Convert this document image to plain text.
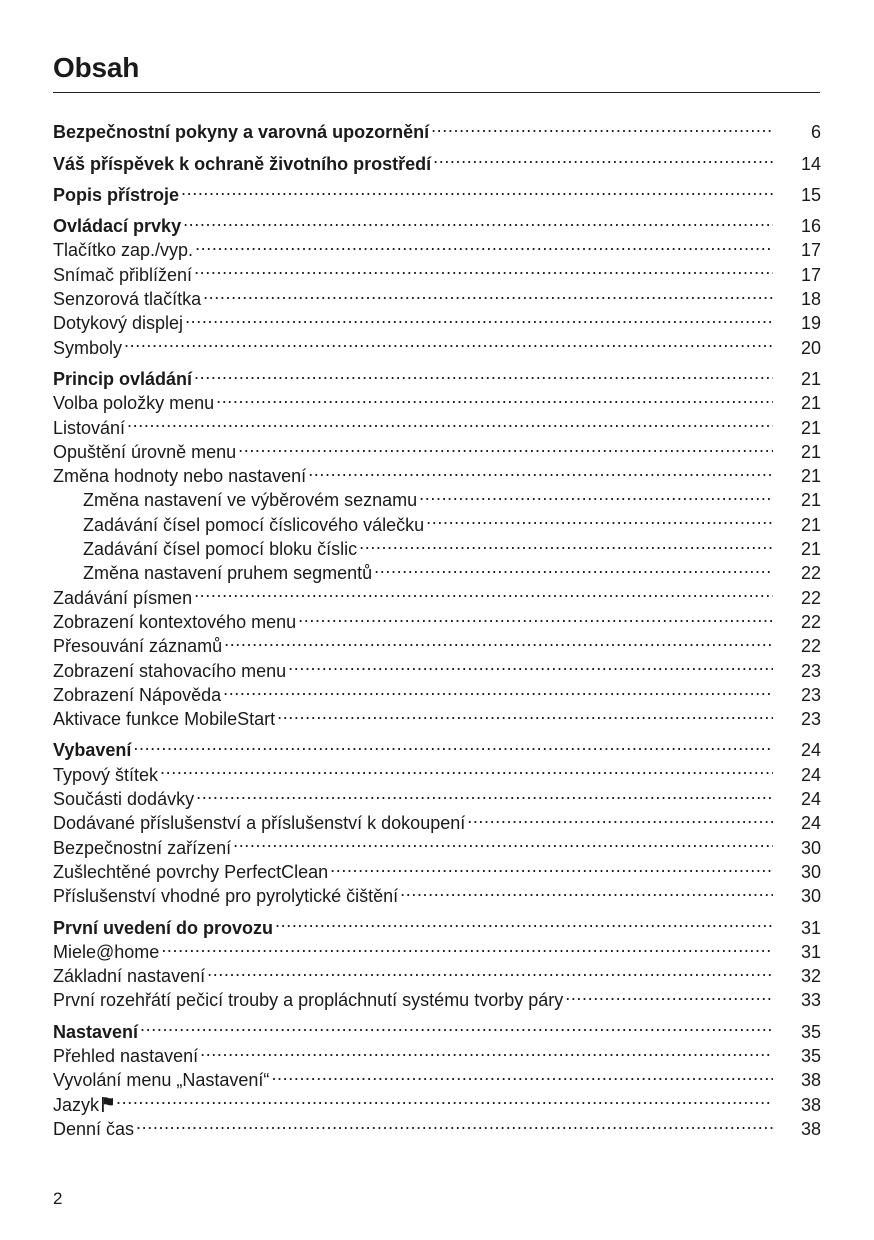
Obsah
Bezpečnostní pokyny a varovná upozornění .....	6
Váš příspěvek k ochraně životního prostředí .....	14
Popis přístroje .....	15
Ovládací prvky .....	16
Tlačítko zap./vyp. .....	17
Snímač přiblížení .....	17
Senzorová tlačítka .....	18
Dotykový displej .....	19
Symboly .....	20
Princip ovládání .....	21
Volba položky menu .....	21
Listování .....	21
Opuštění úrovně menu .....	21
Změna hodnoty nebo nastavení .....	21
Změna nastavení ve výběrovém seznamu .....	21
Zadávání čísel pomocí číslicového válečku .....	21
Zadávání čísel pomocí bloku číslic .....	21
Změna nastavení pruhem segmentů .....	22
Zadávání písmen .....	22
Zobrazení kontextového menu .....	22
Přesouvání záznamů .....	22
Zobrazení stahovacího menu .....	23
Zobrazení Nápověda .....	23
Aktivace funkce MobileStart .....	23
Vybavení .....	24
Typový štítek .....	24
Součásti dodávky .....	24
Dodávané příslušenství a příslušenství k dokoupení .....	24
Bezpečnostní zařízení .....	30
Zušlechtěné povrchy PerfectClean .....	30
Příslušenství vhodné pro pyrolytické čištění .....	30
První uvedení do provozu .....	31
Miele@home .....	31
Základní nastavení .....	32
První rozehřátí pečicí trouby a propláchnutí systému tvorby páry .....	33
Nastavení .....	35
Přehled nastavení .....	35
Vyvolání menu „Nastavení“ .....	38
Jazyk .....	38
Denní čas .....	38
2
